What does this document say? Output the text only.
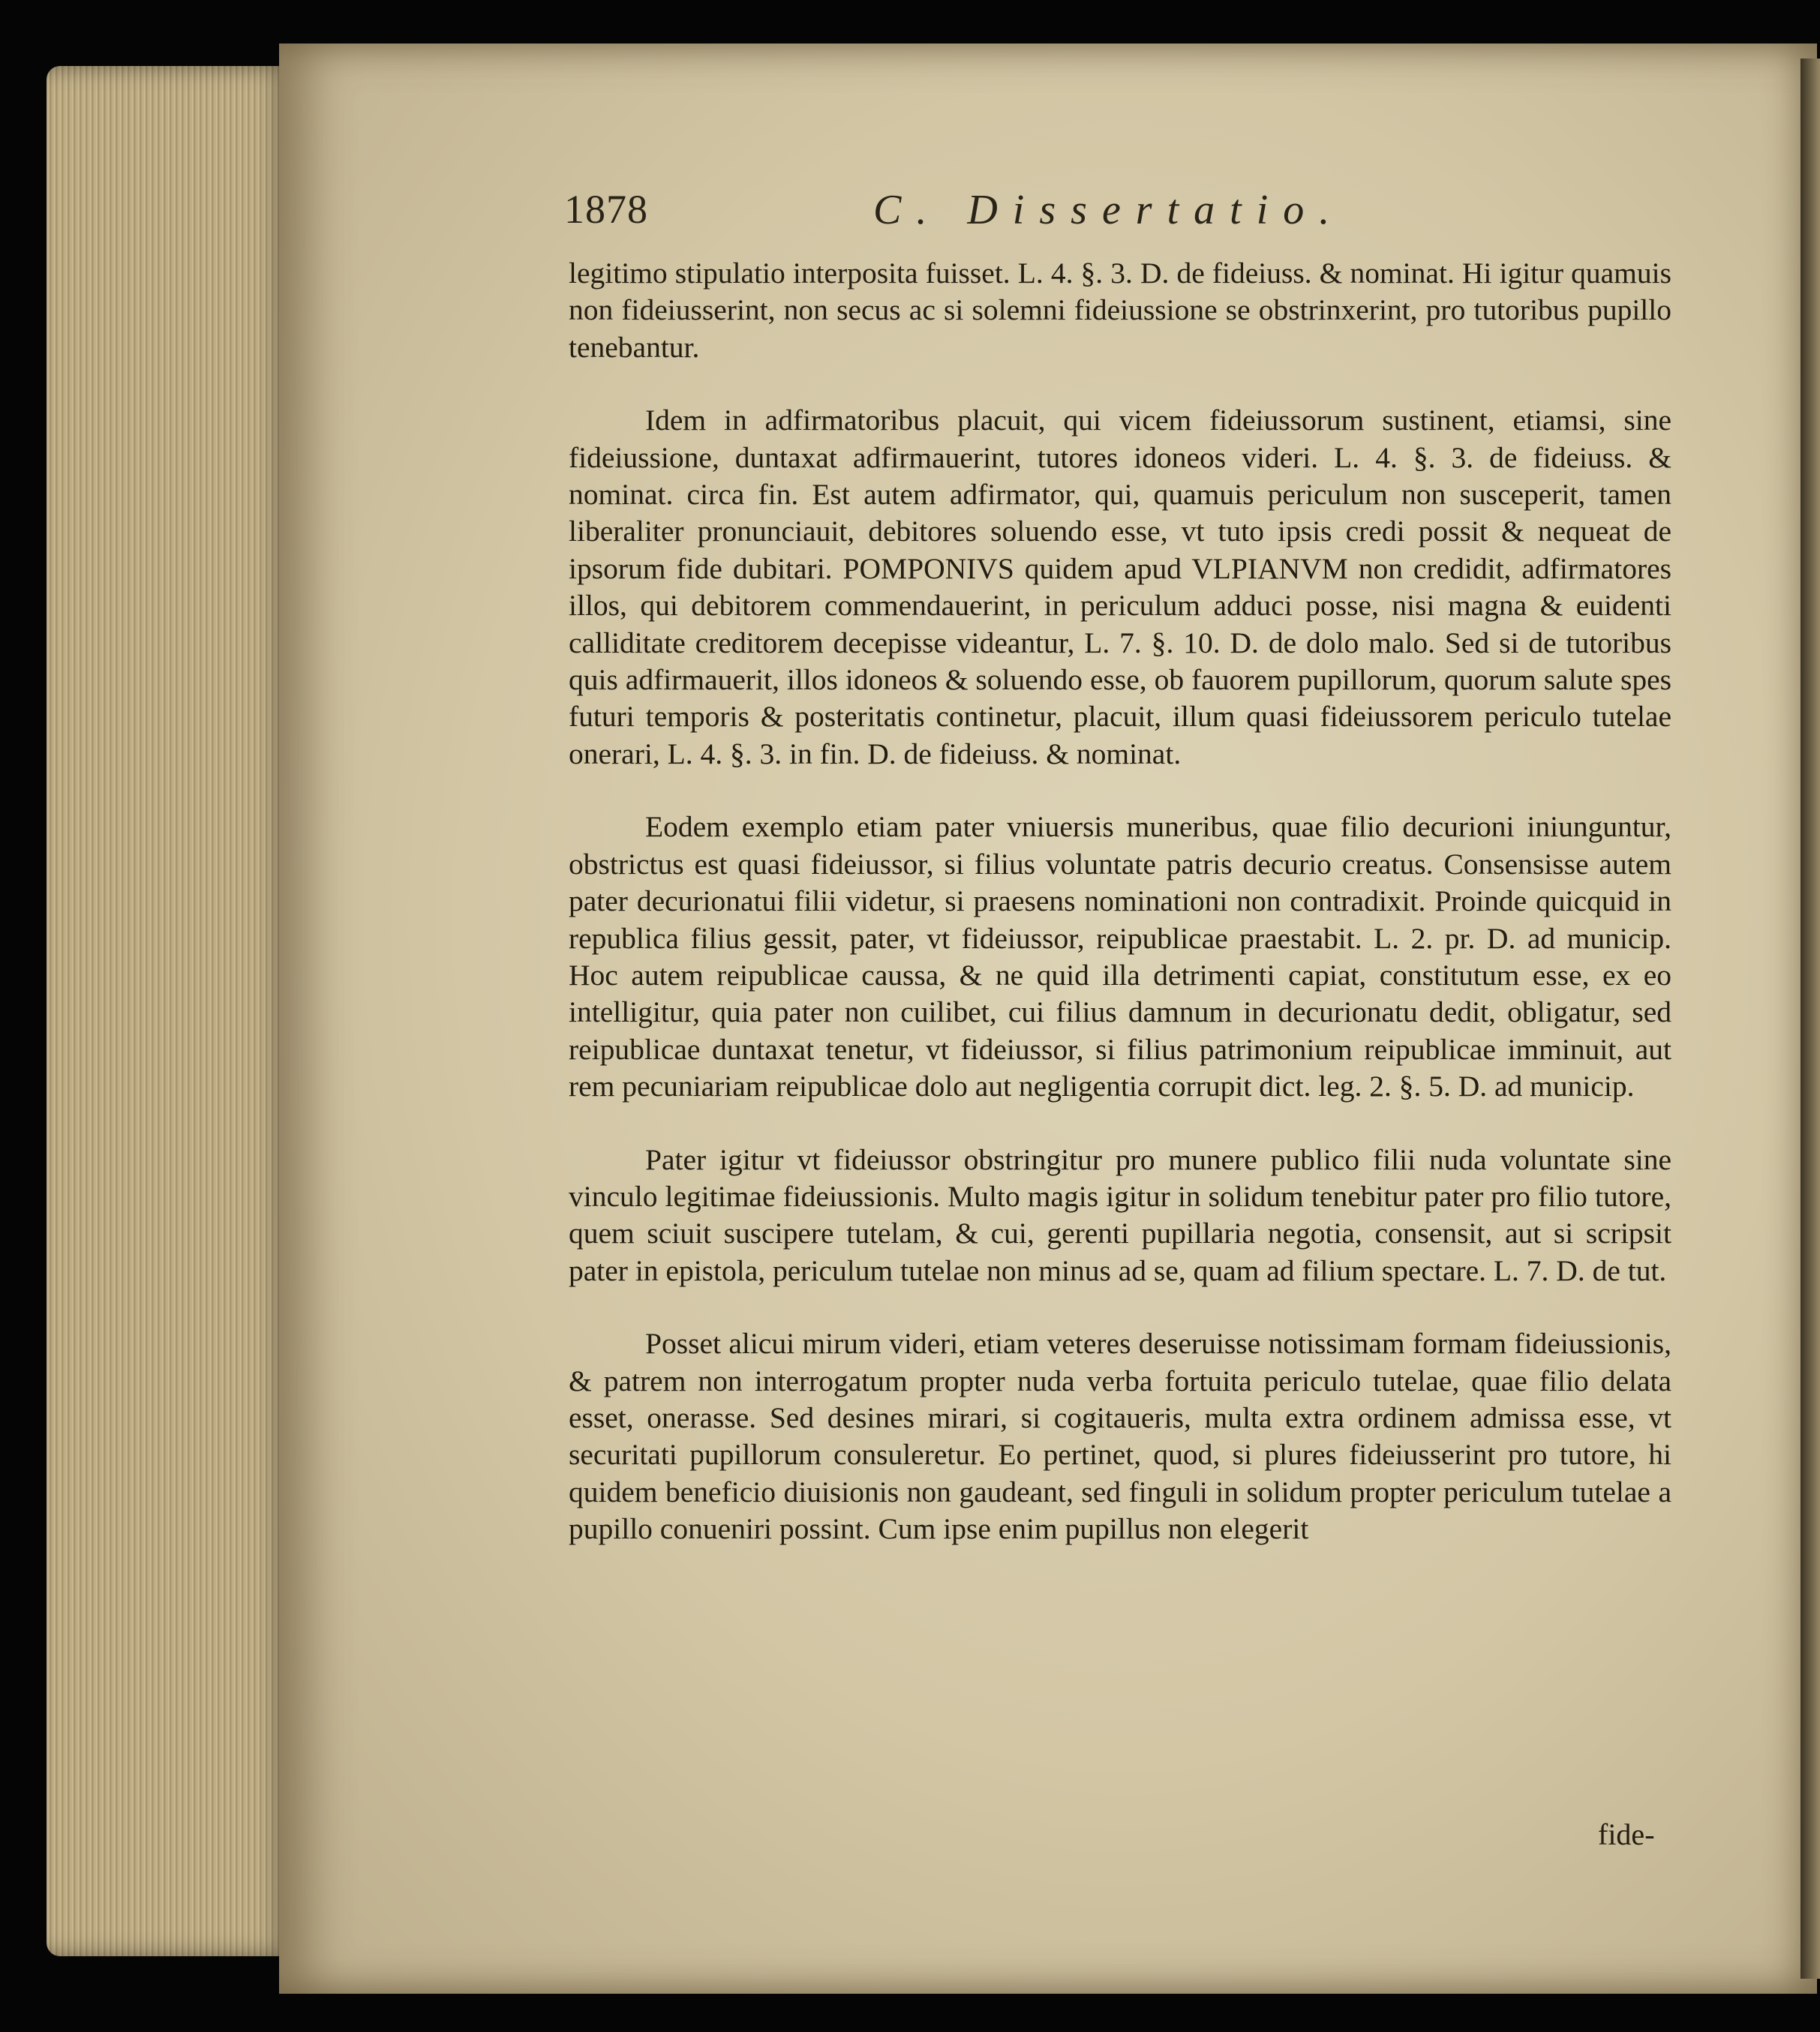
1878	C. Dissertatio.

legitimo stipulatio interposita fuisset. L. 4. §. 3. D. de fideiuss. & nominat. Hi igitur quamuis non fideiusserint, non secus ac si solemni fideiussione se obstrinxerint, pro tutoribus pupillo tenebantur.

Idem in adfirmatoribus placuit, qui vicem fideiussorum sustinent, etiamsi, sine fideiussione, duntaxat adfirmauerint, tutores idoneos videri. L. 4. §. 3. de fideiuss. & nominat. circa fin. Est autem adfirmator, qui, quamuis periculum non susceperit, tamen liberaliter pronunciauit, debitores soluendo esse, vt tuto ipsis credi possit & nequeat de ipsorum fide dubitari. POMPONIVS quidem apud VLPIANVM non credidit, adfirmatores illos, qui debitorem commendauerint, in periculum adduci posse, nisi magna & euidenti calliditate creditorem decepisse videantur, L. 7. §. 10. D. de dolo malo. Sed si de tutoribus quis adfirmauerit, illos idoneos & soluendo esse, ob fauorem pupillorum, quorum salute spes futuri temporis & posteritatis continetur, placuit, illum quasi fideiussorem periculo tutelae onerari, L. 4. §. 3. in fin. D. de fideiuss. & nominat.

Eodem exemplo etiam pater vniuersis muneribus, quae filio decurioni iniunguntur, obstrictus est quasi fideiussor, si filius voluntate patris decurio creatus. Consensisse autem pater decurionatui filii videtur, si praesens nominationi non contradixit. Proinde quicquid in republica filius gessit, pater, vt fideiussor, reipublicae praestabit. L. 2. pr. D. ad municip. Hoc autem reipublicae caussa, & ne quid illa detrimenti capiat, constitutum esse, ex eo intelligitur, quia pater non cuilibet, cui filius damnum in decurionatu dedit, obligatur, sed reipublicae duntaxat tenetur, vt fideiussor, si filius patrimonium reipublicae imminuit, aut rem pecuniariam reipublicae dolo aut negligentia corrupit dict. leg. 2. §. 5. D. ad municip.

Pater igitur vt fideiussor obstringitur pro munere publico filii nuda voluntate sine vinculo legitimae fideiussionis. Multo magis igitur in solidum tenebitur pater pro filio tutore, quem sciuit suscipere tutelam, & cui, gerenti pupillaria negotia, consensit, aut si scripsit pater in epistola, periculum tutelae non minus ad se, quam ad filium spectare. L. 7. D. de tut.

Posset alicui mirum videri, etiam veteres deseruisse notissimam formam fideiussionis, & patrem non interrogatum propter nuda verba fortuita periculo tutelae, quae filio delata esset, onerasse. Sed desines mirari, si cogitaueris, multa extra ordinem admissa esse, vt securitati pupillorum consuleretur. Eo pertinet, quod, si plures fideiusserint pro tutore, hi quidem beneficio diuisionis non gaudeant, sed finguli in solidum propter periculum tutelae a pupillo conueniri possint. Cum ipse enim pupillus non elegerit

fide-
